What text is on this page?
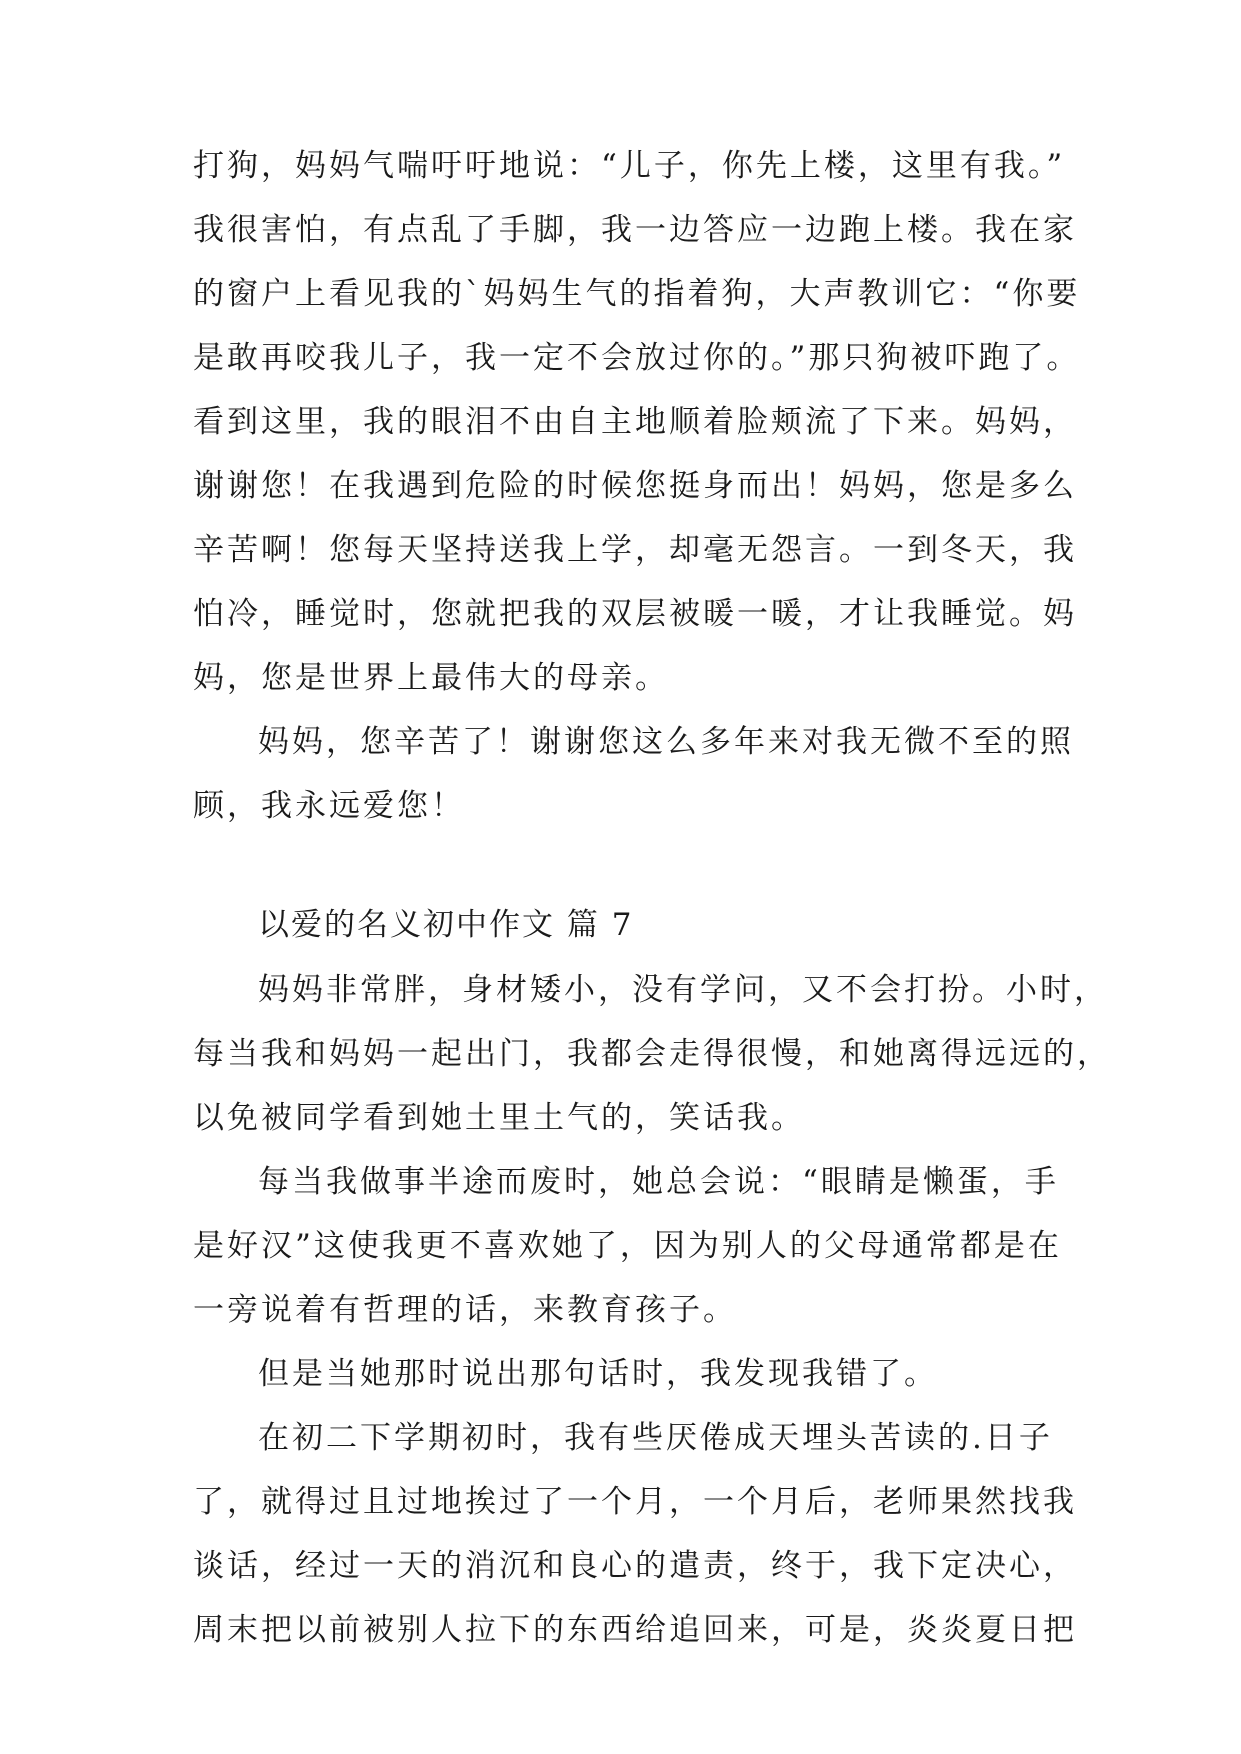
打狗，妈妈气喘吁吁地说：“儿子，你先上楼，这里有我。”
我很害怕，有点乱了手脚，我一边答应一边跑上楼。我在家
的窗户上看见我的`妈妈生气的指着狗，大声教训它：“你要
是敢再咬我儿子，我一定不会放过你的。”那只狗被吓跑了。
看到这里，我的眼泪不由自主地顺着脸颊流了下来。妈妈，
谢谢您！在我遇到危险的时候您挺身而出！妈妈，您是多么
辛苦啊！您每天坚持送我上学，却毫无怨言。一到冬天，我
怕冷，睡觉时，您就把我的双层被暖一暖，才让我睡觉。妈
妈，您是世界上最伟大的母亲。
妈妈，您辛苦了！谢谢您这么多年来对我无微不至的照
顾，我永远爱您！
以爱的名义初中作文 篇 7
妈妈非常胖，身材矮小，没有学问，又不会打扮。小时，
每当我和妈妈一起出门，我都会走得很慢，和她离得远远的，
以免被同学看到她土里土气的，笑话我。
每当我做事半途而废时，她总会说：“眼睛是懒蛋，手
是好汉”这使我更不喜欢她了，因为别人的父母通常都是在
一旁说着有哲理的话，来教育孩子。
但是当她那时说出那句话时，我发现我错了。
在初二下学期初时，我有些厌倦成天埋头苦读的.日子
了，就得过且过地挨过了一个月，一个月后，老师果然找我
谈话，经过一天的消沉和良心的遣责，终于，我下定决心，
周末把以前被别人拉下的东西给追回来，可是，炎炎夏日把
